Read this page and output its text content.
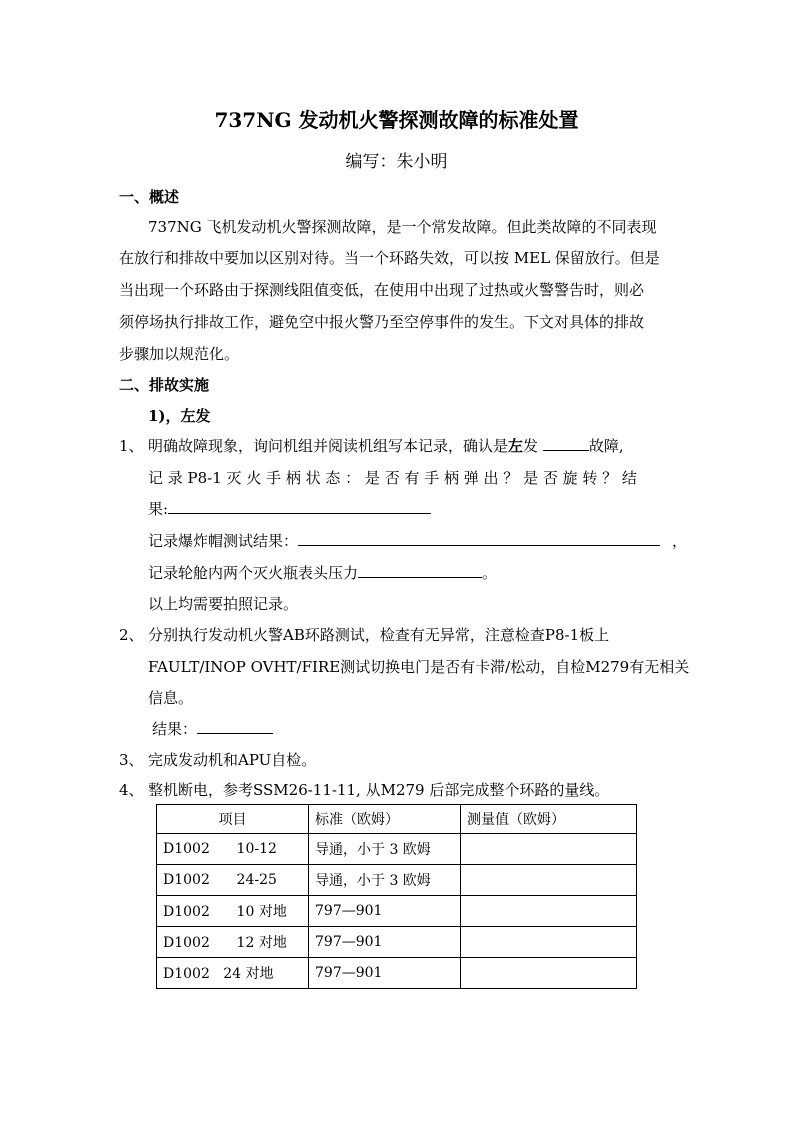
737NG 发动机火警探测故障的标准处置
编写：朱小明
一、概述
737NG 飞机发动机火警探测故障，是一个常发故障。但此类故障的不同表现
在放行和排故中要加以区别对待。当一个环路失效，可以按 MEL 保留放行。但是
当出现一个环路由于探测线阻值变低，在使用中出现了过热或火警警告时，则必
须停场执行排故工作，避免空中报火警乃至空停事件的发生。下文对具体的排故
步骤加以规范化。
二、排故实施
1)，左发
1、 明确故障现象，询问机组并阅读机组写本记录，确认是左发	故障,
记 录 P8-1 灭 火 手 柄 状 态 ： 是 否 有 手 柄 弹 出 ？ 是 否 旋 转 ？ 结
果:
记录爆炸帽测试结果：	，
记录轮舱内两个灭火瓶表头压力	。
以上均需要拍照记录。
2、 分别执行发动机火警AB环路测试，检查有无异常，注意检查P8-1板上
FAULT/INOP OVHT/FIRE测试切换电门是否有卡滞/松动，自检M279有无相关
信息。
结果：
3、 完成发动机和APU自检。
4、 整机断电，参考SSM26-11-11, 从M279 后部完成整个环路的量线。
项目	标准（欧姆）	测量值（欧姆）
D1002      10-12	导通，小于 3 欧姆	
D1002      24-25	导通，小于 3 欧姆	
D1002      10 对地	797—901	
D1002      12 对地	797—901	
D1002   24 对地	797—901	
